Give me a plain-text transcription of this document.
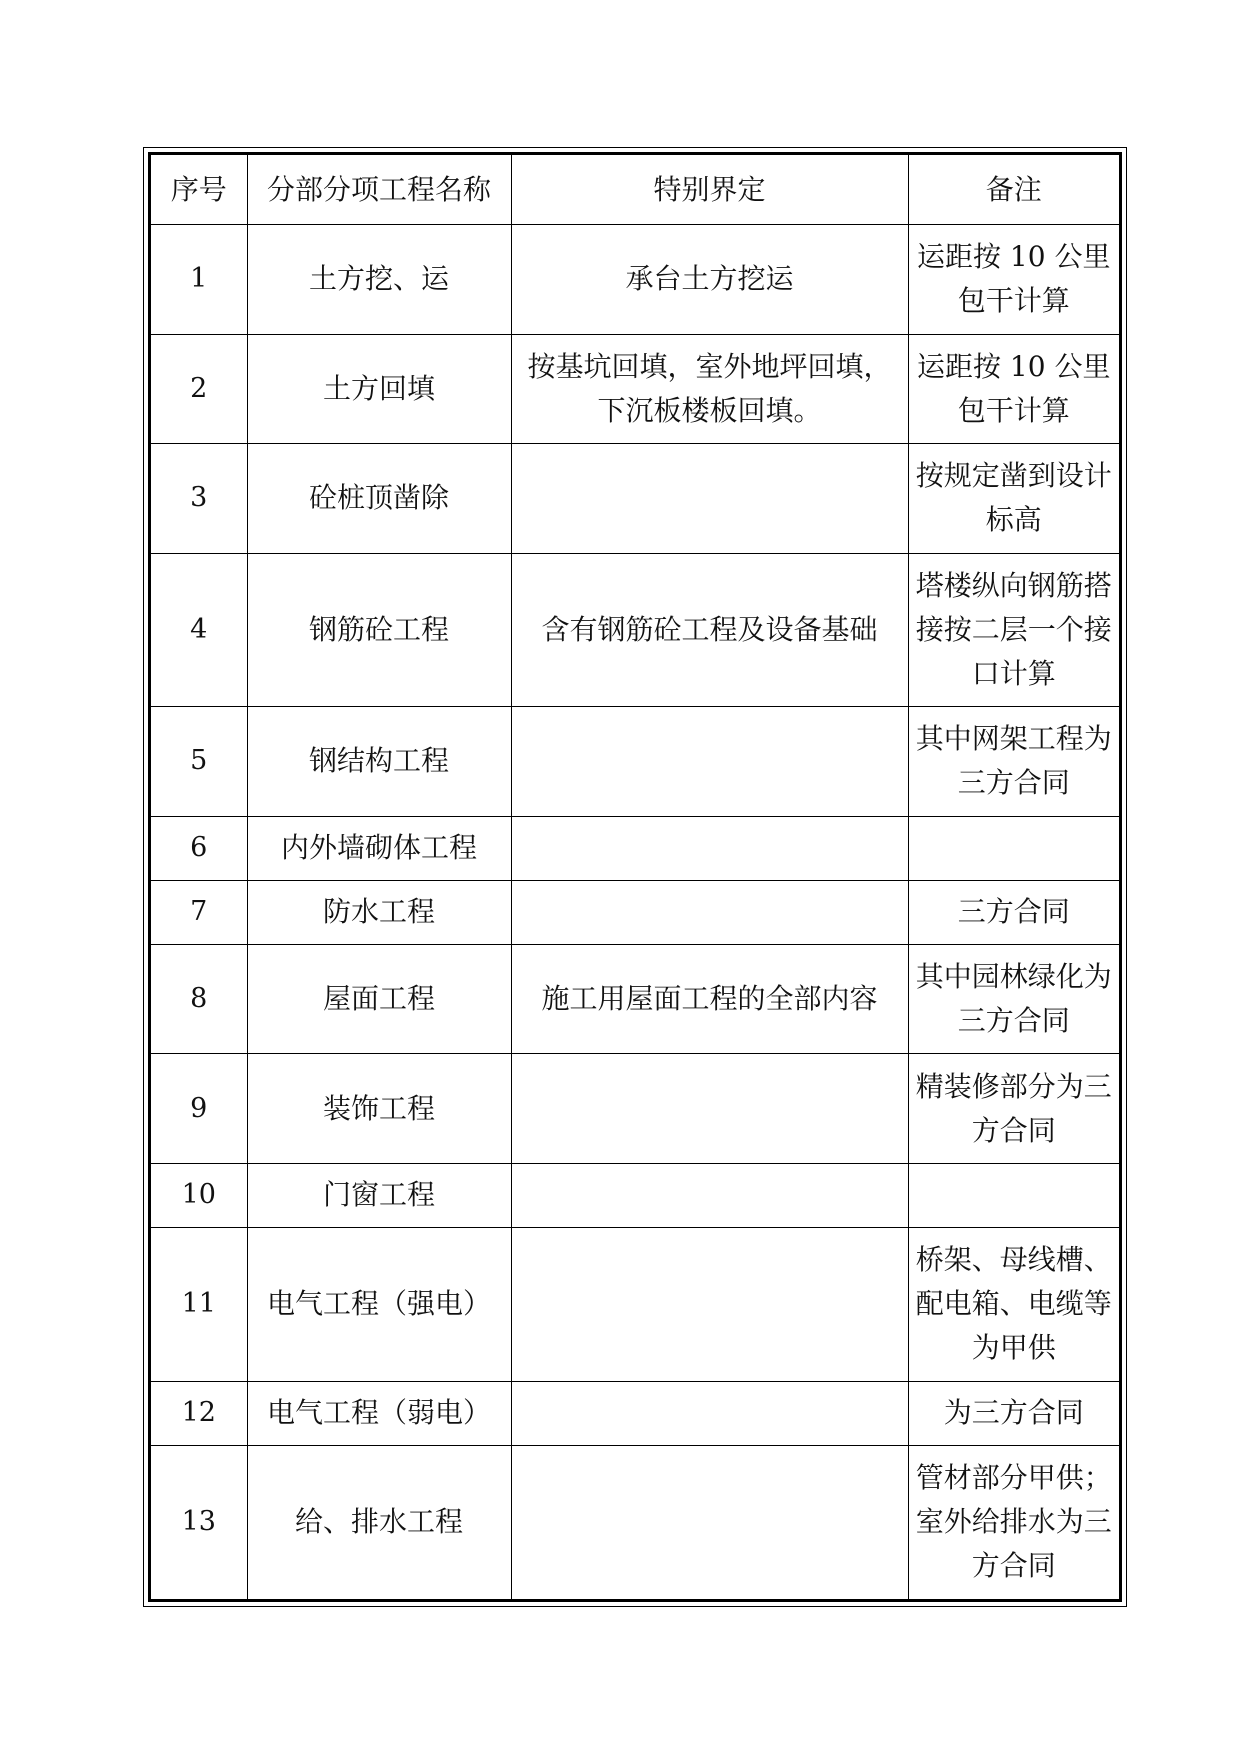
序号	分部分项工程名称	特别界定	备注
1	土方挖、运	承台土方挖运	运距按 10 公里包干计算
2	土方回填	按基坑回填，室外地坪回填，下沉板楼板回填。	运距按 10 公里包干计算
3	砼桩顶凿除		按规定凿到设计标高
4	钢筋砼工程	含有钢筋砼工程及设备基础	塔楼纵向钢筋搭接按二层一个接口计算
5	钢结构工程		其中网架工程为三方合同
6	内外墙砌体工程		
7	防水工程		三方合同
8	屋面工程	施工用屋面工程的全部内容	其中园林绿化为三方合同
9	装饰工程		精装修部分为三方合同
10	门窗工程		
11	电气工程（强电）		桥架、母线槽、配电箱、电缆等为甲供
12	电气工程（弱电）		为三方合同
13	给、排水工程		管材部分甲供；室外给排水为三方合同
